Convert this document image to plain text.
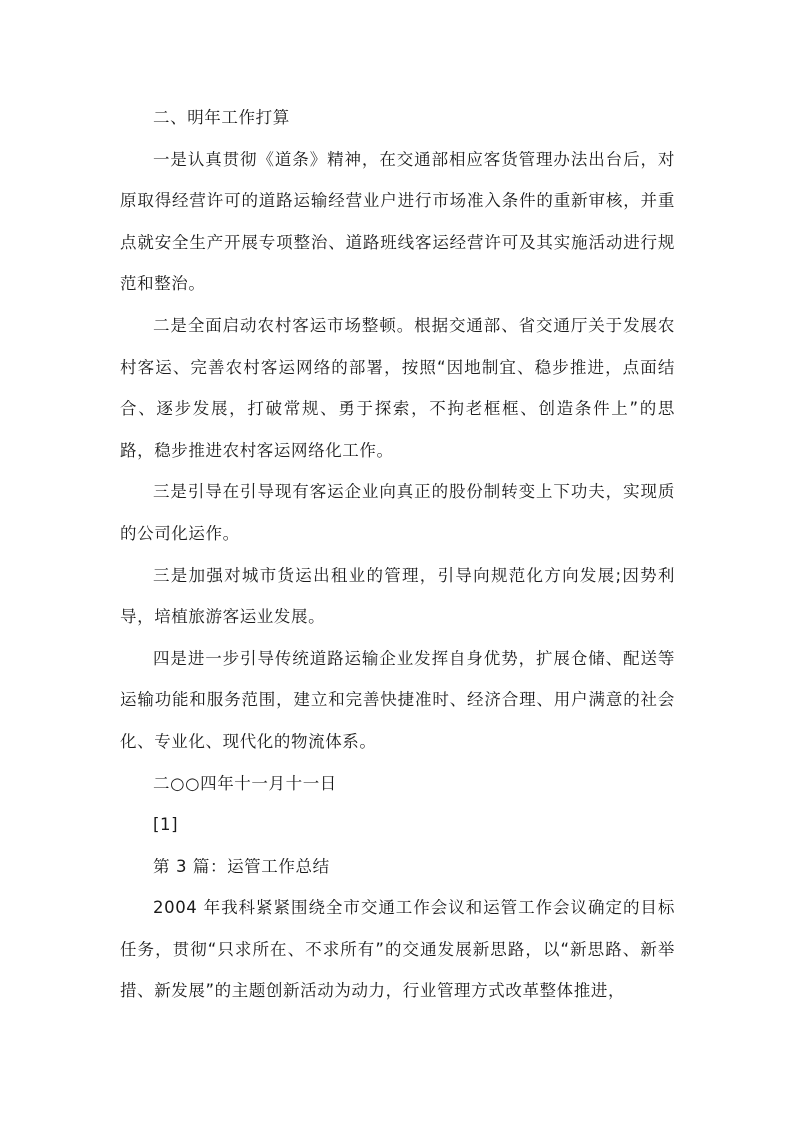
二、明年工作打算

一是认真贯彻《道条》精神，在交通部相应客货管理办法出台后，对原取得经营许可的道路运输经营业户进行市场准入条件的重新审核，并重点就安全生产开展专项整治、道路班线客运经营许可及其实施活动进行规范和整治。

二是全面启动农村客运市场整顿。根据交通部、省交通厅关于发展农村客运、完善农村客运网络的部署，按照“因地制宜、稳步推进，点面结合、逐步发展，打破常规、勇于探索，不拘老框框、创造条件上”的思路，稳步推进农村客运网络化工作。

三是引导在引导现有客运企业向真正的股份制转变上下功夫，实现质的公司化运作。

三是加强对城市货运出租业的管理，引导向规范化方向发展;因势利导，培植旅游客运业发展。

四是进一步引导传统道路运输企业发挥自身优势，扩展仓储、配送等运输功能和服务范围，建立和完善快捷准时、经济合理、用户满意的社会化、专业化、现代化的物流体系。

二○○四年十一月十一日

[1]

第 3 篇：运管工作总结

2004 年我科紧紧围绕全市交通工作会议和运管工作会议确定的目标任务，贯彻“只求所在、不求所有”的交通发展新思路，以“新思路、新举措、新发展”的主题创新活动为动力，行业管理方式改革整体推进，
